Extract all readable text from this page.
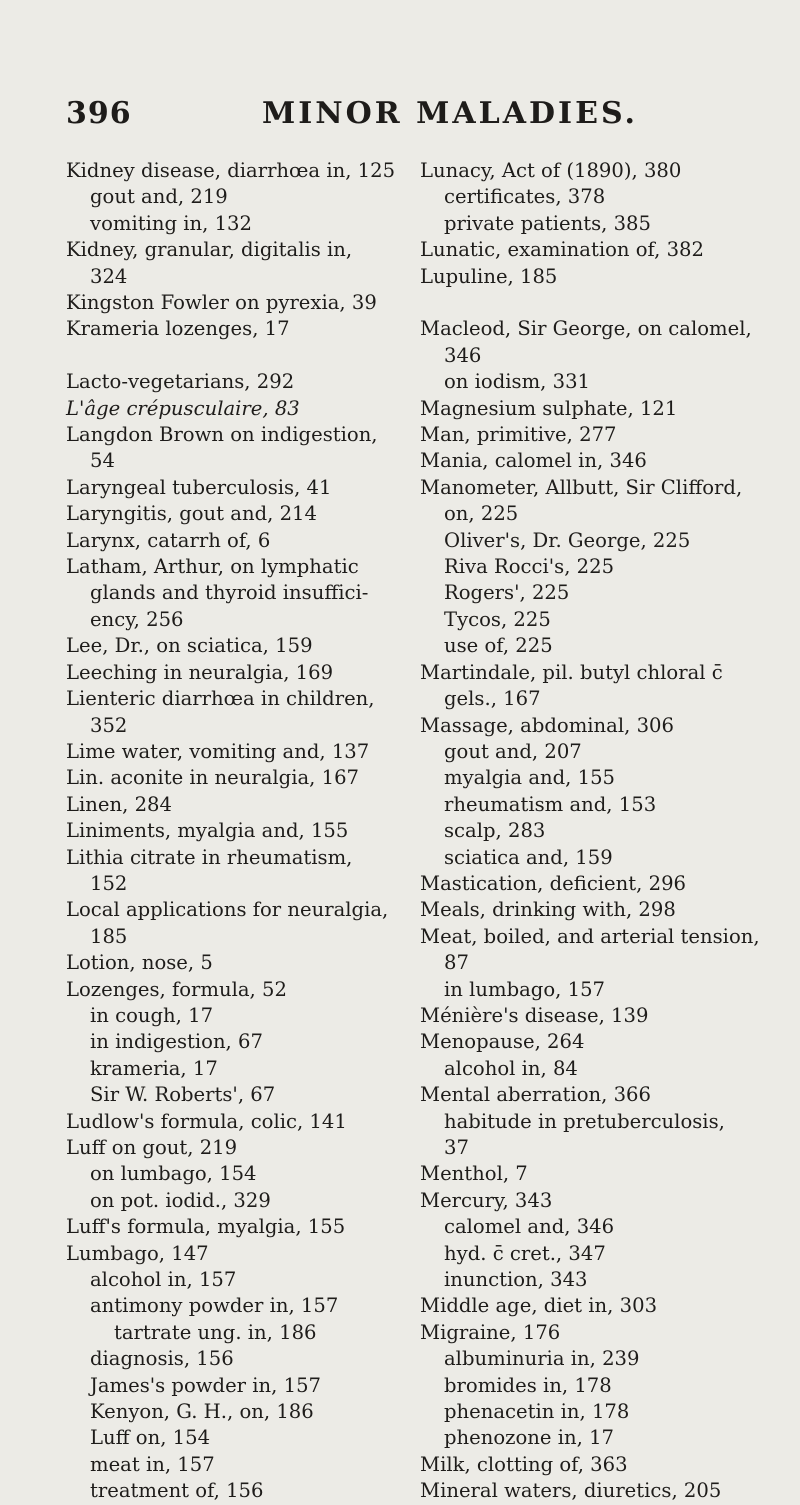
396	MINOR MALADIES.
Kidney disease, diarrhœa in, 125
gout and, 219
vomiting in, 132
Kidney, granular, digitalis in,
324
Kingston Fowler on pyrexia, 39
Krameria lozenges, 17
Lacto-vegetarians, 292
L'âge crépusculaire, 83
Langdon Brown on indigestion,
54
Laryngeal tuberculosis, 41
Laryngitis, gout and, 214
Larynx, catarrh of, 6
Latham, Arthur, on lymphatic
glands and thyroid insuffici-
ency, 256
Lee, Dr., on sciatica, 159
Leeching in neuralgia, 169
Lienteric diarrhœa in children,
352
Lime water, vomiting and, 137
Lin. aconite in neuralgia, 167
Linen, 284
Liniments, myalgia and, 155
Lithia citrate in rheumatism,
152
Local applications for neuralgia,
185
Lotion, nose, 5
Lozenges, formula, 52
in cough, 17
in indigestion, 67
krameria, 17
Sir W. Roberts', 67
Ludlow's formula, colic, 141
Luff on gout, 219
on lumbago, 154
on pot. iodid., 329
Luff's formula, myalgia, 155
Lumbago, 147
alcohol in, 157
antimony powder in, 157
tartrate ung. in, 186
diagnosis, 156
James's powder in, 157
Kenyon, G. H., on, 186
Luff on, 154
meat in, 157
treatment of, 156
Lunacy, Act of (1890), 380
certificates, 378
private patients, 385
Lunatic, examination of, 382
Lupuline, 185
Macleod, Sir George, on calomel,
346
on iodism, 331
Magnesium sulphate, 121
Man, primitive, 277
Mania, calomel in, 346
Manometer, Allbutt, Sir Clifford,
on, 225
Oliver's, Dr. George, 225
Riva Rocci's, 225
Rogers', 225
Tycos, 225
use of, 225
Martindale, pil. butyl chloral c̄
gels., 167
Massage, abdominal, 306
gout and, 207
myalgia and, 155
rheumatism and, 153
scalp, 283
sciatica and, 159
Mastication, deficient, 296
Meals, drinking with, 298
Meat, boiled, and arterial tension,
87
in lumbago, 157
Ménière's disease, 139
Menopause, 264
alcohol in, 84
Mental aberration, 366
habitude in pretuberculosis,
37
Menthol, 7
Mercury, 343
calomel and, 346
hyd. c̄ cret., 347
inunction, 343
Middle age, diet in, 303
Migraine, 176
albuminuria in, 239
bromides in, 178
phenacetin in, 178
phenozone in, 17
Milk, clotting of, 363
Mineral waters, diuretics, 205
